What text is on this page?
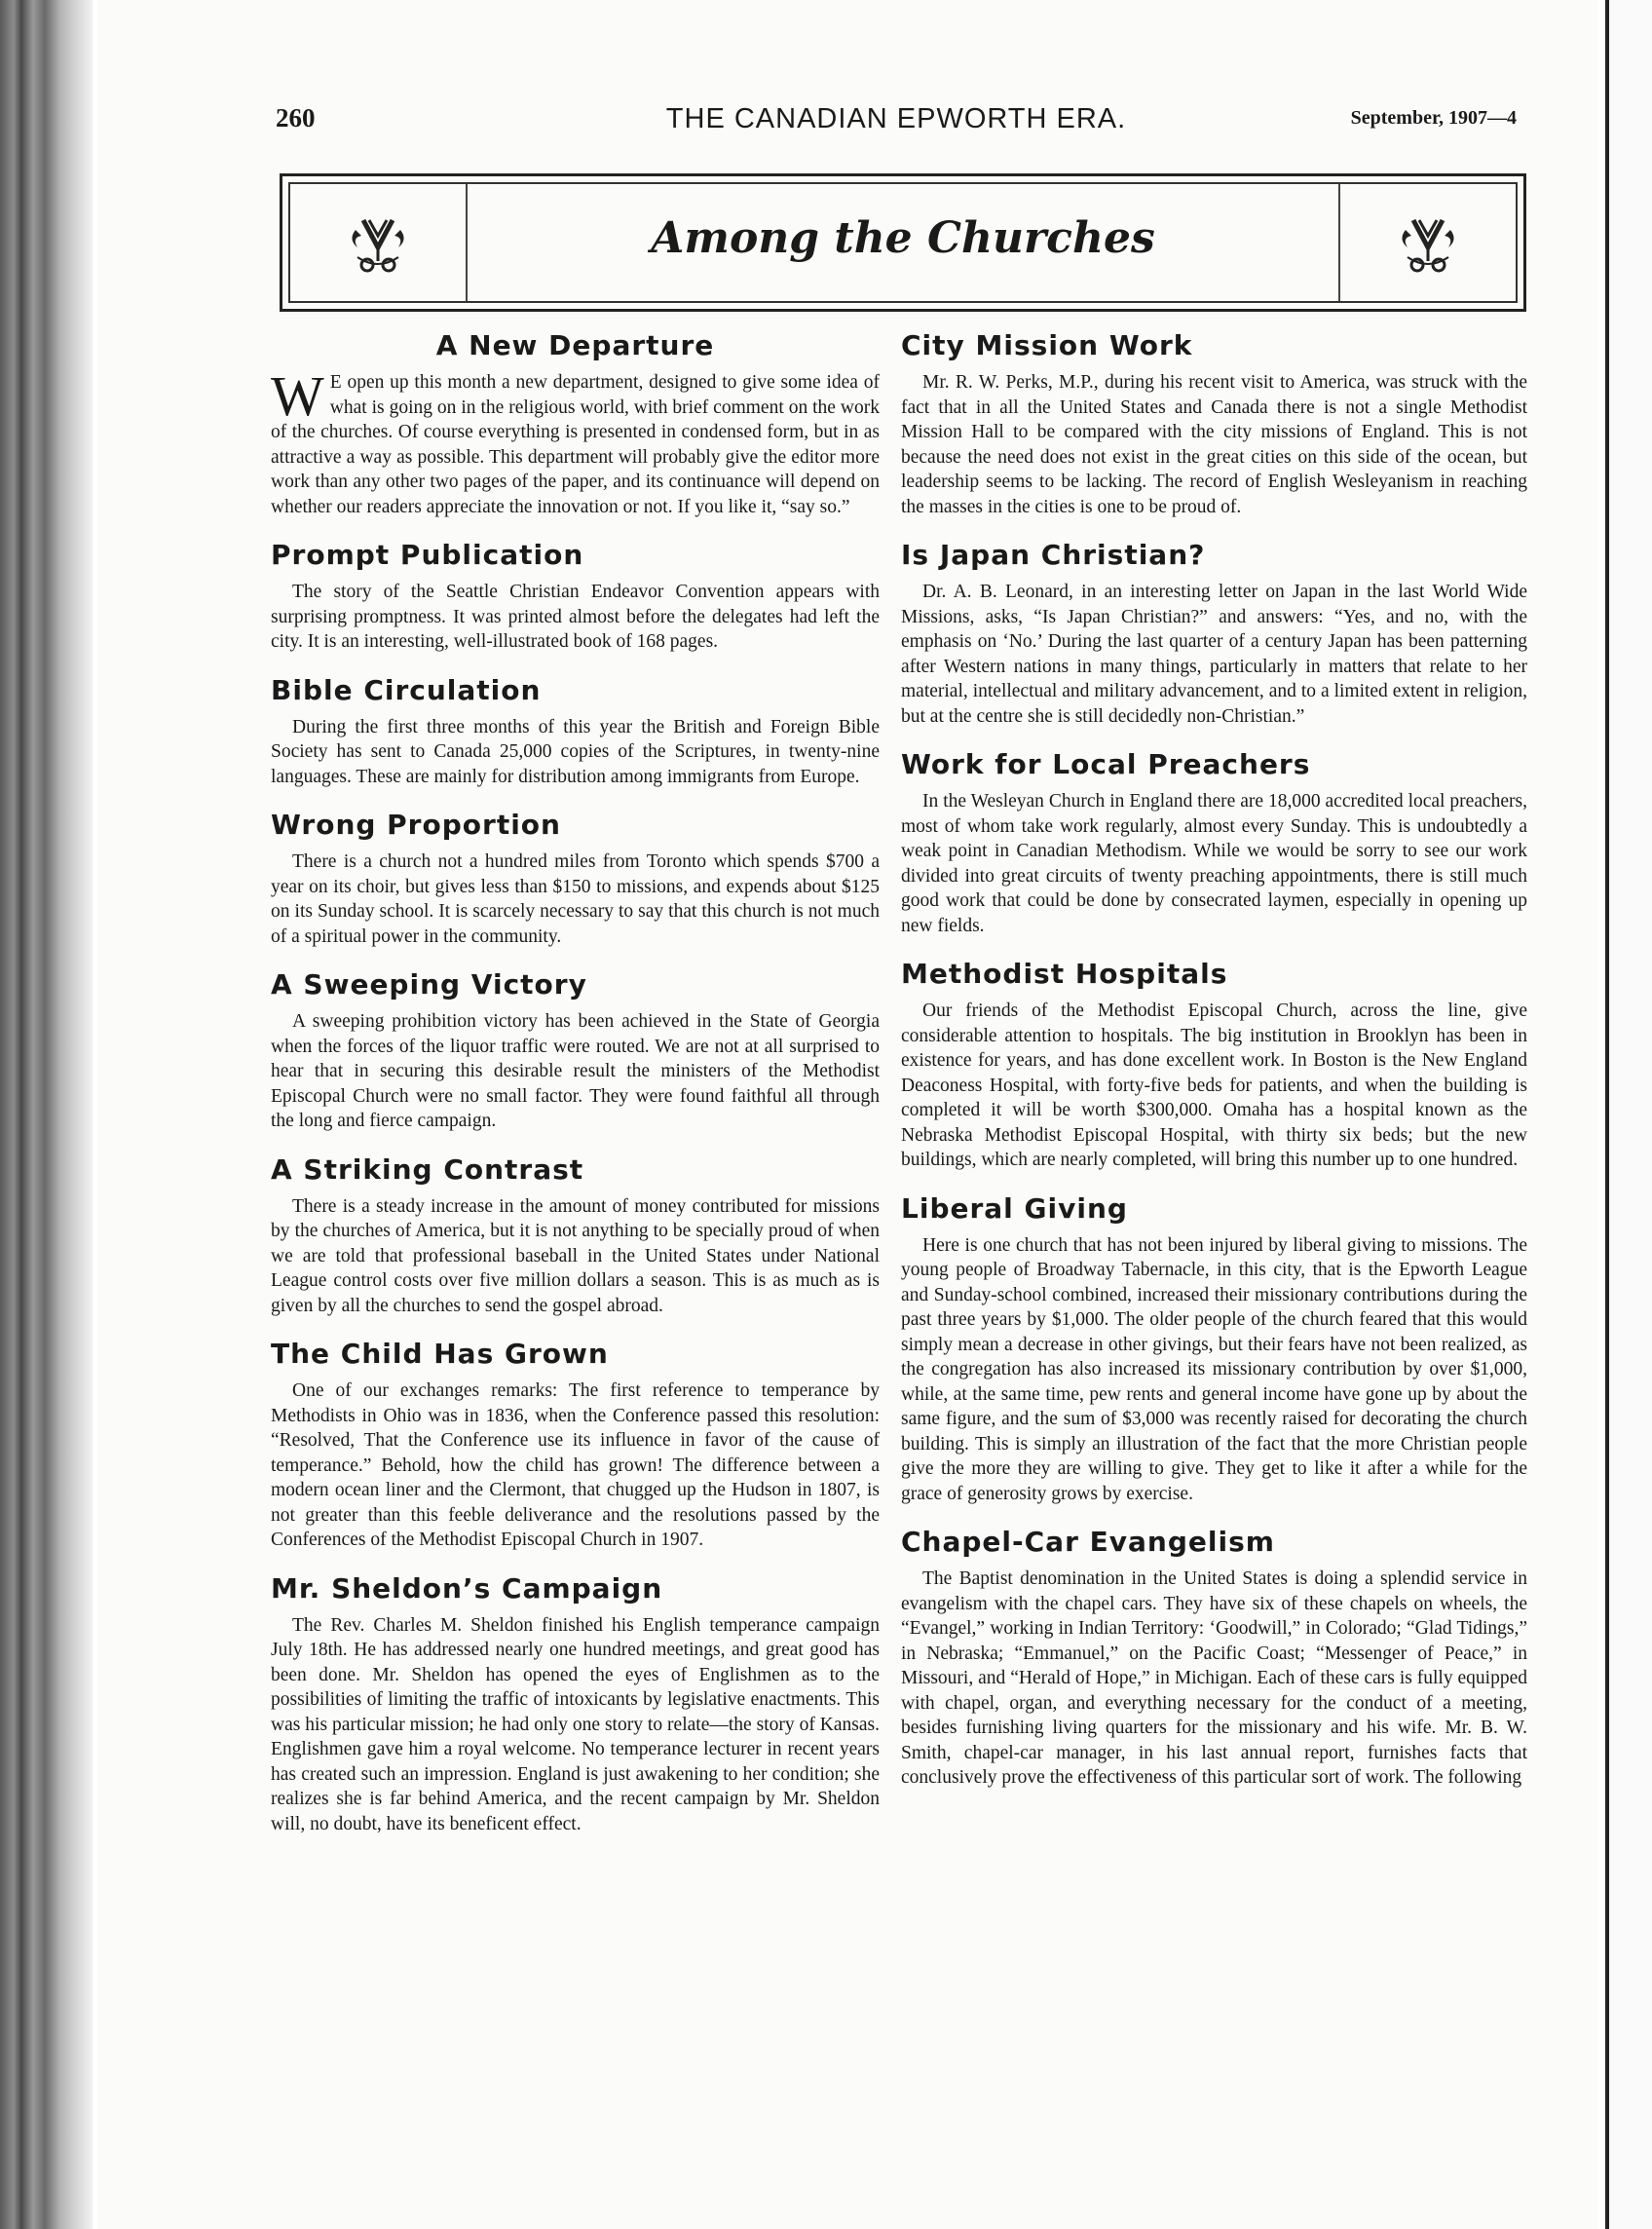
260	THE CANADIAN EPWORTH ERA.	September, 1907—4
Among the Churches
A New Departure

W E open up this month a new department, designed to give some idea of what is going on in the religious world, with brief comment on the work of the churches. Of course everything is presented in condensed form, but in as attractive a way as possible. This department will probably give the editor more work than any other two pages of the paper, and its continuance will depend on whether our readers appreciate the innovation or not. If you like it, “say so.”

Prompt Publication

The story of the Seattle Christian Endeavor Convention appears with surprising promptness. It was printed almost before the delegates had left the city. It is an interesting, well-illustrated book of 168 pages.

Bible Circulation

During the first three months of this year the British and Foreign Bible Society has sent to Canada 25,000 copies of the Scriptures, in twenty-nine languages. These are mainly for distribution among immigrants from Europe.

Wrong Proportion

There is a church not a hundred miles from Toronto which spends $700 a year on its choir, but gives less than $150 to missions, and expends about $125 on its Sunday school. It is scarcely necessary to say that this church is not much of a spiritual power in the community.

A Sweeping Victory

A sweeping prohibition victory has been achieved in the State of Georgia when the forces of the liquor traffic were routed. We are not at all surprised to hear that in securing this desirable result the ministers of the Methodist Episcopal Church were no small factor. They were found faithful all through the long and fierce campaign.

A Striking Contrast

There is a steady increase in the amount of money contributed for missions by the churches of America, but it is not anything to be specially proud of when we are told that professional baseball in the United States under National League control costs over five million dollars a season. This is as much as is given by all the churches to send the gospel abroad.

The Child Has Grown

One of our exchanges remarks: The first reference to temperance by Methodists in Ohio was in 1836, when the Conference passed this resolution: “Resolved, That the Conference use its influence in favor of the cause of temperance.” Behold, how the child has grown! The difference between a modern ocean liner and the Clermont, that chugged up the Hudson in 1807, is not greater than this feeble deliverance and the resolutions passed by the Conferences of the Methodist Episcopal Church in 1907.

Mr. Sheldon’s Campaign

The Rev. Charles M. Sheldon finished his English temperance campaign July 18th. He has addressed nearly one hundred meetings, and great good has been done. Mr. Sheldon has opened the eyes of Englishmen as to the possibilities of limiting the traffic of intoxicants by legislative enactments. This was his particular mission; he had only one story to relate—the story of Kansas. Englishmen gave him a royal welcome. No temperance lecturer in recent years has created such an impression. England is just awakening to her condition; she realizes she is far behind America, and the recent campaign by Mr. Sheldon will, no doubt, have its beneficent effect.

City Mission Work

Mr. R. W. Perks, M.P., during his recent visit to America, was struck with the fact that in all the United States and Canada there is not a single Methodist Mission Hall to be compared with the city missions of England. This is not because the need does not exist in the great cities on this side of the ocean, but leadership seems to be lacking. The record of English Wesleyanism in reaching the masses in the cities is one to be proud of.

Is Japan Christian?

Dr. A. B. Leonard, in an interesting letter on Japan in the last World Wide Missions, asks, “Is Japan Christian?” and answers: “Yes, and no, with the emphasis on ‘No.’ During the last quarter of a century Japan has been patterning after Western nations in many things, particularly in matters that relate to her material, intellectual and military advancement, and to a limited extent in religion, but at the centre she is still decidedly non-Christian.”

Work for Local Preachers

In the Wesleyan Church in England there are 18,000 accredited local preachers, most of whom take work regularly, almost every Sunday. This is undoubtedly a weak point in Canadian Methodism. While we would be sorry to see our work divided into great circuits of twenty preaching appointments, there is still much good work that could be done by consecrated laymen, especially in opening up new fields.

Methodist Hospitals

Our friends of the Methodist Episcopal Church, across the line, give considerable attention to hospitals. The big institution in Brooklyn has been in existence for years, and has done excellent work. In Boston is the New England Deaconess Hospital, with forty-five beds for patients, and when the building is completed it will be worth $300,000. Omaha has a hospital known as the Nebraska Methodist Episcopal Hospital, with thirty six beds; but the new buildings, which are nearly completed, will bring this number up to one hundred.

Liberal Giving

Here is one church that has not been injured by liberal giving to missions. The young people of Broadway Tabernacle, in this city, that is the Epworth League and Sunday-school combined, increased their missionary contributions during the past three years by $1,000. The older people of the church feared that this would simply mean a decrease in other givings, but their fears have not been realized, as the congregation has also increased its missionary contribution by over $1,000, while, at the same time, pew rents and general income have gone up by about the same figure, and the sum of $3,000 was recently raised for decorating the church building. This is simply an illustration of the fact that the more Christian people give the more they are willing to give. They get to like it after a while for the grace of generosity grows by exercise.

Chapel-Car Evangelism

The Baptist denomination in the United States is doing a splendid service in evangelism with the chapel cars. They have six of these chapels on wheels, the “Evangel,” working in Indian Territory: ‘Goodwill,” in Colorado; “Glad Tidings,” in Nebraska; “Emmanuel,” on the Pacific Coast; “Messenger of Peace,” in Missouri, and “Herald of Hope,” in Michigan. Each of these cars is fully equipped with chapel, organ, and everything necessary for the conduct of a meeting, besides furnishing living quarters for the missionary and his wife. Mr. B. W. Smith, chapel-car manager, in his last annual report, furnishes facts that conclusively prove the effectiveness of this particular sort of work. The following
